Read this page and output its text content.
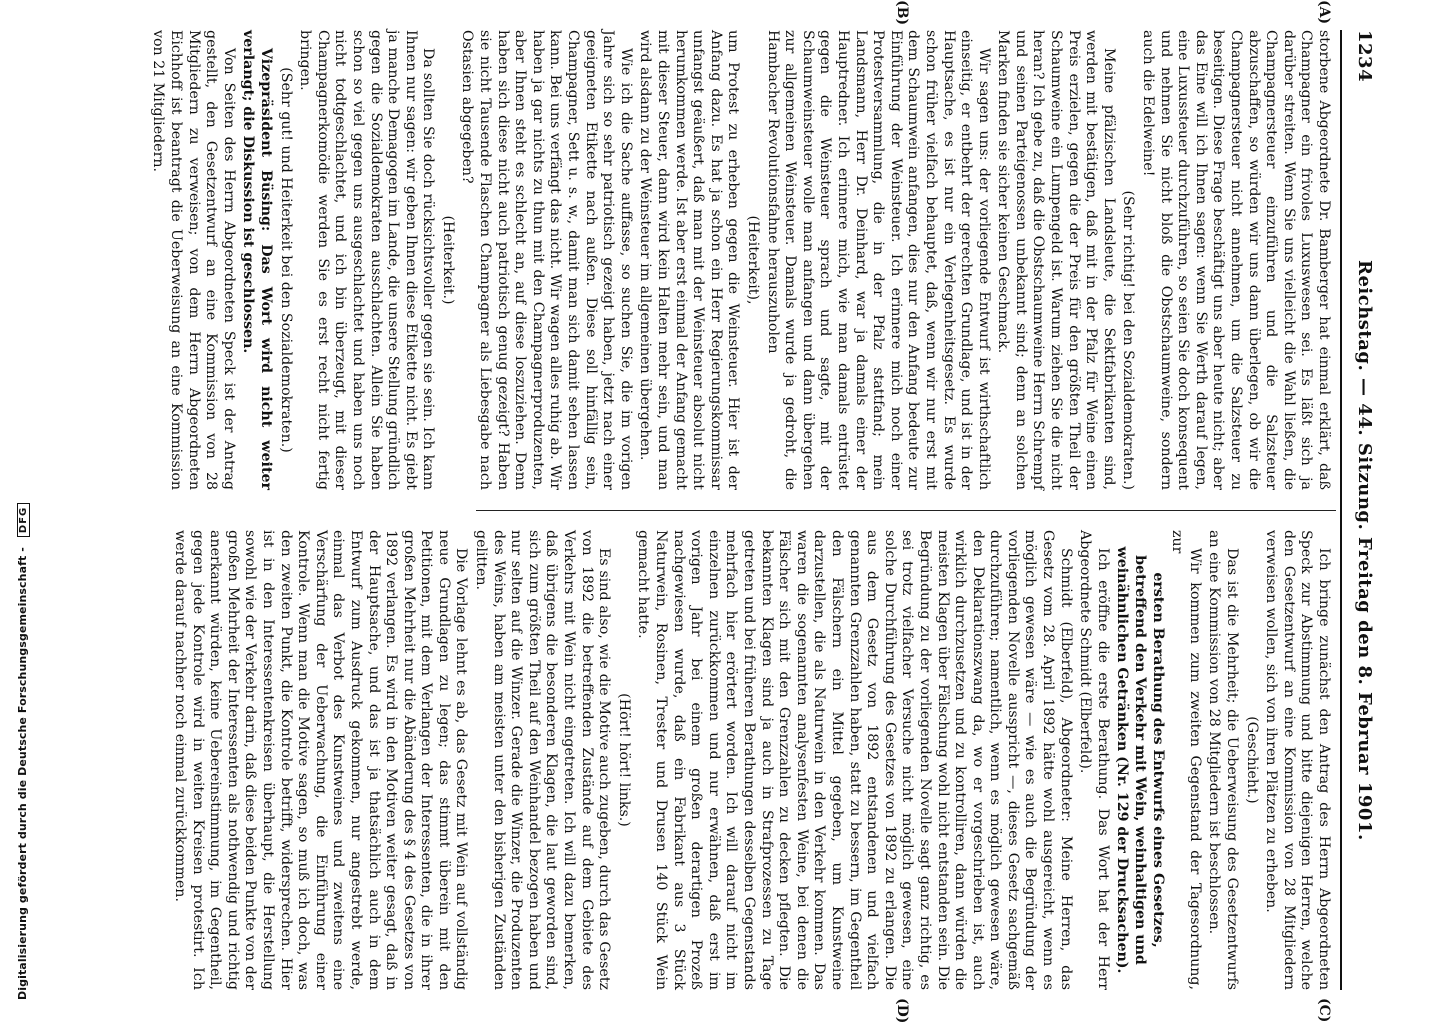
Digitalisierung gefördert durch die Deutsche Forschungsgemeinschaft - DFG
1234
Reichstag. — 44. Sitzung. Freitag den 8. Februar 1901.
(A)
(B)
(C)
(D)

storbene Abgeordnete Dr. Bamberger hat einmal erklärt, daß Champagner ein frivoles Luxuswesen sei. Es läßt sich ja darüber streiten. Wenn Sie uns vielleicht die Wahl ließen, die Champagnersteuer einzuführen und die Salzsteuer abzuschaffen, so würden wir uns dann überlegen, ob wir die Champagnersteuer nicht annehmen, um die Salzsteuer zu beseitigen. Diese Frage beschäftigt uns aber heute nicht; aber das Eine will ich Ihnen sagen: wenn Sie Werth darauf legen, eine Luxussteuer durchzuführen, so seien Sie doch konsequent und nehmen Sie nicht bloß die Obstschaumweine, sondern auch die Edelweine!

(Sehr richtig! bei den Sozialdemokraten.)

Meine pfälzischen Landsleute, die Sektfabrikanten sind, werden mit bestätigen, daß mit in der Pfalz für Weine einen Preis erzielen, gegen die der Preis für den größten Theil der Schaumweine ein Lumpengeld ist. Warum ziehen Sie die nicht heran? Ich gebe zu, daß die Obstschaumweine Herrn Schrempf und seinen Parteigenossen unbekannt sind; denn an solchen Marken finden sie sicher keinen Geschmack.

Wir sagen uns: der vorliegende Entwurf ist wirthschaftlich einseitig, er entbehrt der gerechten Grundlage, und ist in der Hauptsache, es ist nur ein Verlegenheitsgesetz. Es wurde schon früher vielfach behauptet, daß, wenn wir nur erst mit dem Schaumwein anfangen, dies nur den Anfang bedeute zur Einführung der Weinsteuer. Ich erinnere mich noch einer Protestversammlung, die in der Pfalz stattfand; mein Landsmann, Herr Dr. Deinhard, war ja damals einer der Hauptredner. Ich erinnere mich, wie man damals entrüstet gegen die Weinsteuer sprach und sagte, mit der Schaumweinsteuer wolle man anfangen und dann übergehen zur allgemeinen Weinsteuer. Damals wurde ja gedroht, die Hambacher Revolutionsfahne herauszuholen

(Heiterkeit),

um Protest zu erheben gegen die Weinsteuer. Hier ist der Anfang dazu. Es hat ja schon ein Herr Regierungskommissar unfangst geäußert, daß man mit der Weinsteuer absolut nicht herumkommen werde. Ist aber erst einmal der Anfang gemacht mit dieser Steuer, dann wird kein Halten mehr sein, und man wird alsdann zu der Weinsteuer im allgemeinen übergehen.

Wie ich die Sache auffasse, so suchen Sie, die im vorigen Jahre sich so sehr patriotisch gezeigt haben, jetzt nach einer geeigneten Etikette nach außen. Diese soll hinfällig sein, Champagner, Sett u. s. w., damit man sich damit sehen lassen kann. Bei uns verfängt das nicht. Wir wagen alles ruhig ab. Wir haben ja gar nichts zu thun mit den Champagnerproduzenten, aber Ihnen steht es schlecht an, auf diese loszuziehen. Denn haben sich diese nicht auch patriotisch genug gezeigt? Haben sie nicht Tausende Flaschen Champagner als Liebesgabe nach Ostasien abgegeben?

(Heiterkeit.)

Da sollten Sie doch rücksichtsvoller gegen sie sein. Ich kann Ihnen nur sagen: wir geben Ihnen diese Etikette nicht. Es giebt ja manche Demagogen im Lande, die unsere Stellung gründlich gegen die Sozialdemokraten ausschlachten. Allein Sie haben schon so viel gegen uns ausgeschlachtet und haben uns noch nicht todtgeschlachtet, und ich bin überzeugt, mit dieser Champagnerkomödie werden Sie es erst recht nicht fertig bringen.

(Sehr gut! und Heiterkeit bei den Sozialdemokraten.)

Vizepräsident Büsing: Das Wort wird nicht weiter verlangt; die Diskussion ist geschlossen.

Von Seiten des Herrn Abgeordneten Speck ist der Antrag gestellt, den Gesetzentwurf an eine Kommission von 28 Mitgliedern zu verweisen; von dem Herrn Abgeordneten Eichhoff ist beantragt die Ueberweisung an eine Kommission von 21 Mitgliedern.

Ich bringe zunächst den Antrag des Herrn Abgeordneten Speck zur Abstimmung und bitte diejenigen Herren, welche den Gesetzentwurf an eine Kommission von 28 Mitgliedern verweisen wollen, sich von ihren Plätzen zu erheben.

(Geschieht.)

Das ist die Mehrheit; die Ueberweisung des Gesetzentwurfs an eine Kommission von 28 Mitgliedern ist beschlossen.

Wir kommen zum zweiten Gegenstand der Tagesordnung, zur

ersten Berathung des Entwurfs eines Gesetzes, betreffend den Verkehr mit Wein, weinhaltigen und weinähnlichen Getränken (Nr. 129 der Drucksachen).

Ich eröffne die erste Berathung. Das Wort hat der Herr Abgeordnete Schmidt (Elberfeld).

Schmidt (Elberfeld), Abgeordneter: Meine Herren, das Gesetz vom 28. April 1892 hätte wohl ausgereicht, wenn es möglich gewesen wäre — wie es auch die Begründung der vorliegenden Novelle ausspricht —, dieses Gesetz sachgemäß durchzuführen; namentlich, wenn es möglich gewesen wäre, den Deklarationszwang da, wo er vorgeschrieben ist, auch wirklich durchzusetzen und zu kontrolliren, dann würden die meisten Klagen über Fälschung wohl nicht entstanden sein. Die Begründung zu der vorliegenden Novelle sagt ganz richtig, es sei trotz vielfacher Versuche nicht möglich gewesen, eine solche Durchführung des Gesetzes von 1892 zu erlangen. Die aus dem Gesetz von 1892 entstandenen und vielfach genannten Grenzzahlen haben, statt zu bessern, im Gegentheil den Fälschern ein Mittel gegeben, um Kunstweine darzustellen, die als Naturwein in den Verkehr kommen. Das waren die sogenannten analysenfesten Weine, bei denen die Fälscher sich mit den Grenzzahlen zu decken pflegten. Die bekannten Klagen sind ja auch in Strafprozessen zu Tage getreten und bei früheren Berathungen desselben Gegenstands mehrfach hier erörtert worden. Ich will darauf nicht im einzelnen zurückkommen und nur erwähnen, daß erst im vorigen Jahr bei einem großen derartigen Prozeß nachgewiesen wurde, daß ein Fabrikant aus 3 Stück Naturwein, Rosinen, Trester und Drusen 140 Stück Wein gemacht hatte.

(Hört! hört! links.)

Es sind also, wie die Motive auch zugeben, durch das Gesetz von 1892 die betreffenden Zustände auf dem Gebiete des Verkehrs mit Wein nicht eingetreten. Ich will dazu bemerken, daß übrigens die besonderen Klagen, die laut geworden sind, sich zum größten Theil auf den Weinhandel bezogen haben und nur selten auf die Winzer. Gerade die Winzer, die Produzenten des Weins, haben am meisten unter den bisherigen Zuständen gelitten.

Die Vorlage lehnt es ab, das Gesetz mit Wein auf vollständig neue Grundlagen zu legen; das stimmt überein mit den Petitionen, mit dem Verlangen der Interessenten, die in ihrer großen Mehrheit nur die Abänderung des § 4 des Gesetzes von 1892 verlangen. Es wird in den Motiven weiter gesagt, daß in der Hauptsache, und das ist ja thatsächlich auch in dem Entwurf zum Ausdruck gekommen, nur angestrebt werde, einmal das Verbot des Kunstweines und zweitens eine Verschärfung der Ueberwachung, die Einführung einer Kontrole. Wenn man die Motive sagen, so muß ich doch, was den zweiten Punkt, die Kontrole betrifft, widersprechen. Hier ist in den Interessentenkreisen überhaupt, die Herstellung sowohl wie der Verkehr darin, daß diese beiden Punkte von der großen Mehrheit der Interessenten als nothwendig und richtig anerkannt würden, keine Uebereinstimmung, im Gegentheil, gegen jede Kontrole wird in weiten Kreisen protestirt. Ich werde darauf nachher noch einmal zurückkommen.
